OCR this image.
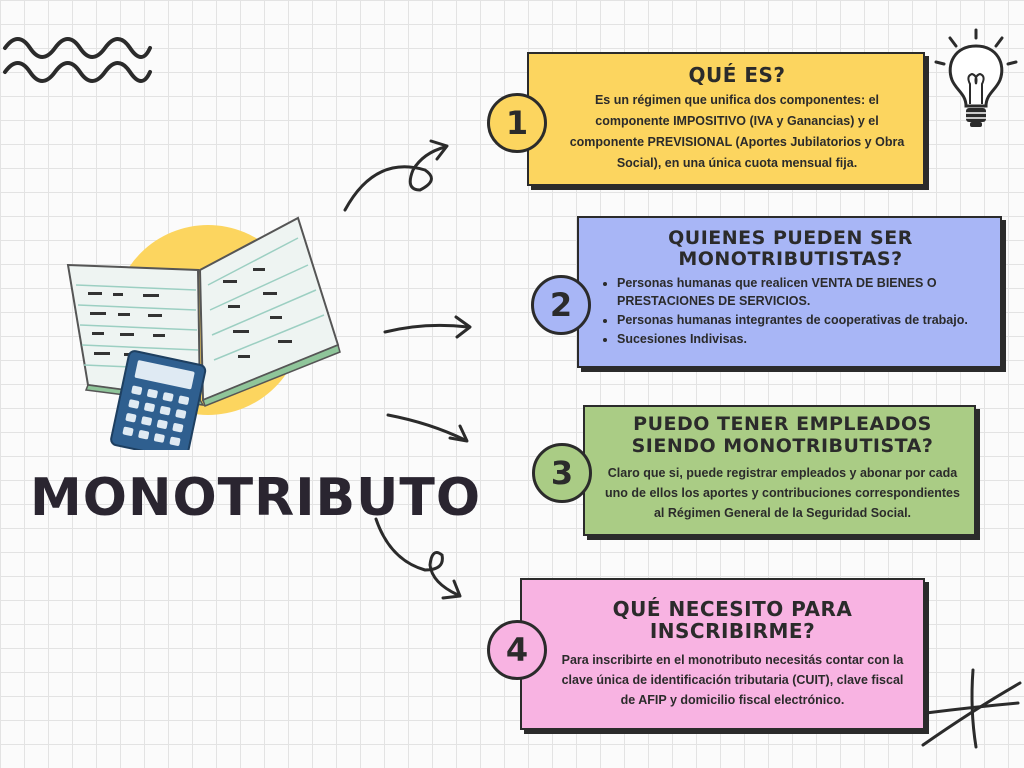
MONOTRIBUTO
QUÉ ES?

Es un régimen que unifica dos componentes: el componente IMPOSITIVO (IVA y Ganancias) y el componente PREVISIONAL (Aportes Jubilatorios y Obra Social), en una única cuota mensual fija.

1
QUIENES PUEDEN SER MONOTRIBUTISTAS?
• Personas humanas que realicen VENTA DE BIENES O PRESTACIONES DE SERVICIOS.
• Personas humanas integrantes de cooperativas de trabajo.
• Sucesiones Indivisas.
2
PUEDO TENER EMPLEADOS SIENDO MONOTRIBUTISTA?

Claro que si, puede registrar empleados y abonar por cada uno de ellos los aportes y contribuciones correspondientes al Régimen General de la Seguridad Social.

3
QUÉ NECESITO PARA INSCRIBIRME?

Para inscribirte en el monotributo necesitás contar con la clave única de identificación tributaria (CUIT), clave fiscal de AFIP y domicilio fiscal electrónico.

4
